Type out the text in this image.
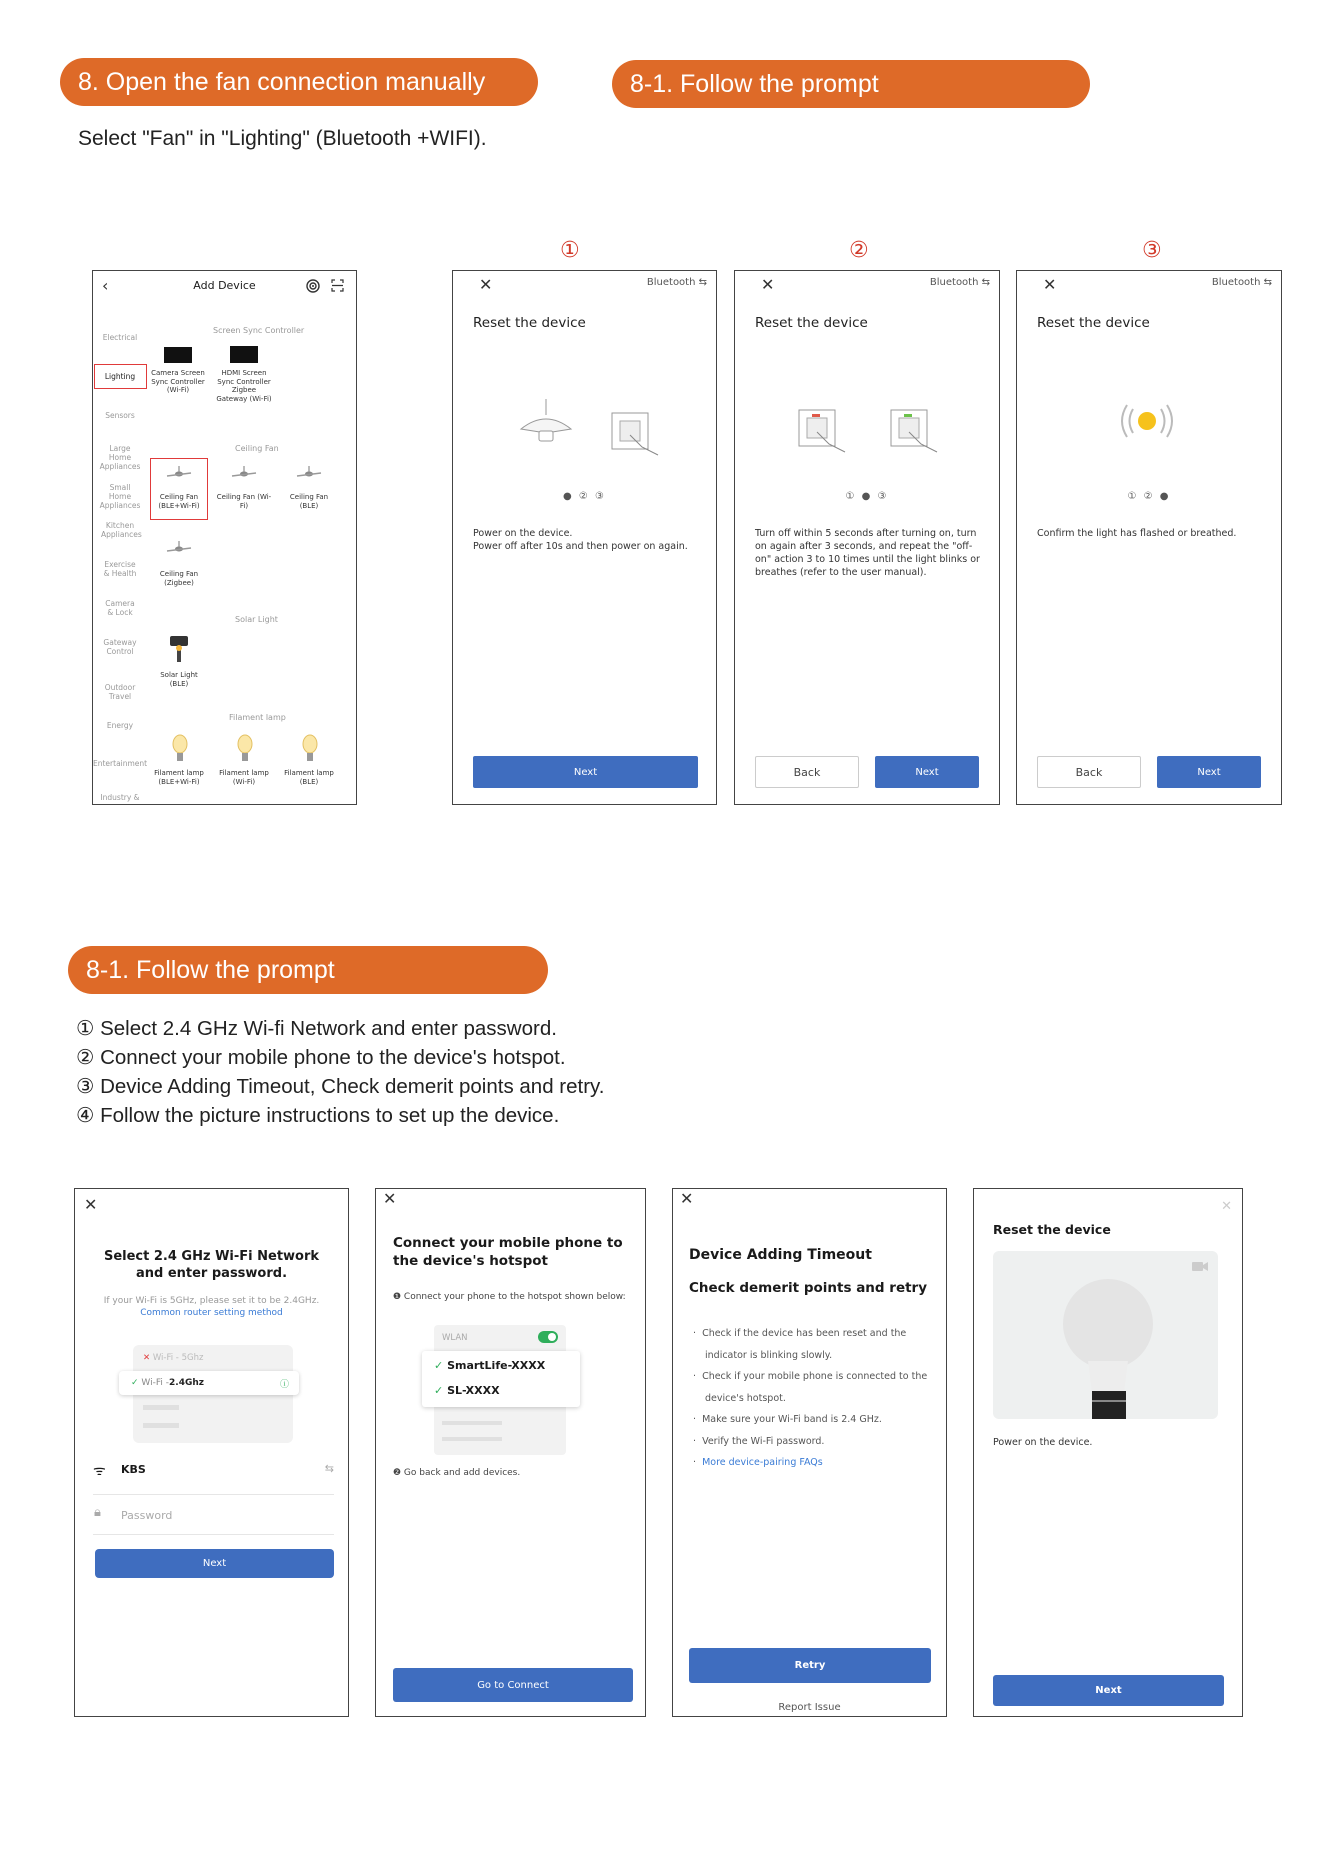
8. Open the fan connection manually	8-1. Follow the prompt
Select "Fan" in "Lighting" (Bluetooth +WIFI).
①	②	③
‹	Add Device
Electrical
Lighting
Sensors
Large Home Appliances
Small Home Appliances
Kitchen Appliances
Exercise & Health
Camera & Lock
Gateway Control
Outdoor Travel
Energy
Entertainment
Industry &
Screen Sync Controller
Ceiling Fan
Solar Light
Filament lamp
Camera Screen Sync Controller (Wi-Fi)
HDMI Screen Sync Controller Zigbee Gateway (Wi-Fi)
Ceiling Fan (BLE+Wi-Fi)
Ceiling Fan (Wi-Fi)
Ceiling Fan (BLE)
Ceiling Fan (Zigbee)
Solar Light (BLE)
Filament lamp (BLE+Wi-Fi)
Filament lamp (Wi-Fi)
Filament lamp (BLE)
✕	Bluetooth ⇆
Reset the device
● ② ③
Power on the device.
Power off after 10s and then power on again.
Next
✕	Bluetooth ⇆
Reset the device
① ● ③
Turn off within 5 seconds after turning on, turn on again after 3 seconds, and repeat the "off-on" action 3 to 10 times until the light blinks or breathes (refer to the user manual).
Back	Next
✕	Bluetooth ⇆
Reset the device
① ② ●
Confirm the light has flashed or breathed.
Back	Next
8-1. Follow the prompt
① Select 2.4 GHz Wi-fi Network and enter password.
② Connect your mobile phone to the device's hotspot.
③ Device Adding Timeout, Check demerit points and retry.
④ Follow the picture instructions to set up the device.
✕
Select 2.4 GHz Wi-Fi Network and enter password.
If your Wi-Fi is 5GHz, please set it to be 2.4GHz.
Common router setting method
✕ Wi-Fi - 5Ghz
✓
Wi-Fi - 2.4Ghz	ⓘ
ᯤ KBS	⇆
🔒︎ Password
Next
✕
Connect your mobile phone to the device's hotspot
❶ Connect your phone to the hotspot shown below:
WLAN
✓ SmartLife-XXXX
✓ SL-XXXX
❷ Go back and add devices.
Go to Connect
✕
Device Adding Timeout
Check demerit points and retry
·  Check if the device has been reset and the indicator is blinking slowly.
·  Check if your mobile phone is connected to the device's hotspot.
·  Make sure your Wi-Fi band is 2.4 GHz.
·  Verify the Wi-Fi password.
·  More device-pairing FAQs
Retry
Report Issue
✕
Reset the device
Power on the device.
Next
